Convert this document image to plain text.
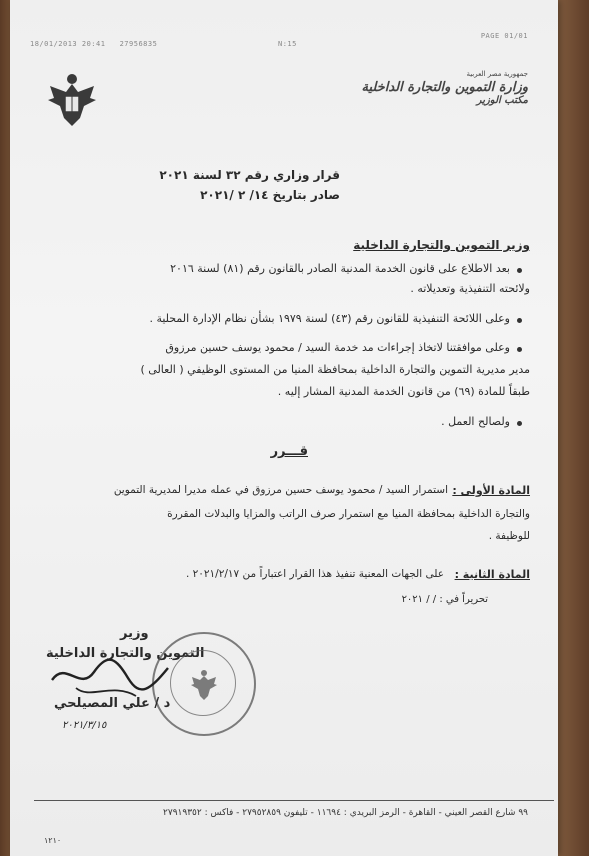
18/01/2013 20:41 27956835	N:15
PAGE 01/01
جمهورية مصر العربية
وزارة التموين والتجارة الداخلية
مكتب الوزير
قرار وزاري رقم ٣٢ لسنة ٢٠٢١
صادر بتاريخ ١٤/ ٢ /٢٠٢١
وزير التموين والتجارة الداخلية
بعد الاطلاع على قانون الخدمة المدنية الصادر بالقانون رقم (٨١) لسنة ٢٠١٦
ولائحته التنفيذية وتعديلاته .
وعلى اللائحة التنفيذية للقانون رقم (٤٣) لسنة ١٩٧٩ بشأن نظام الإدارة المحلية .
وعلى موافقتنا لاتخاذ إجراءات مد خدمة السيد / محمود يوسف حسين مرزوق
مدير مديرية التموين والتجارة الداخلية بمحافظة المنيا من المستوى الوظيفي ( العالى )
طبقاً للمادة (٦٩) من قانون الخدمة المدنية المشار إليه .
ولصالح العمل .
قـــرر
المادة الأولى :
استمرار السيد / محمود يوسف حسين مرزوق في عمله مديرا لمديرية التموين
والتجارة الداخلية بمحافظة المنيا مع استمرار صرف الراتب والمزايا والبدلات المقررة
للوظيفة .
المادة الثانية :
على الجهات المعنية تنفيذ هذا القرار اعتباراً من ٢٠٢١/٢/١٧ .
تحريراً في : / / ٢٠٢١
وزير
التموين والتجارة الداخلية
د / علي المصيلحي
٢٠٢١/٣/١٥
٩٩ شارع القصر العيني - القاهرة - الرمز البريدي : ١١٦٩٤ - تليفون ٢٧٩٥٢٨٥٩ - فاكس : ٢٧٩١٩٣٥٢
١٢١٠
